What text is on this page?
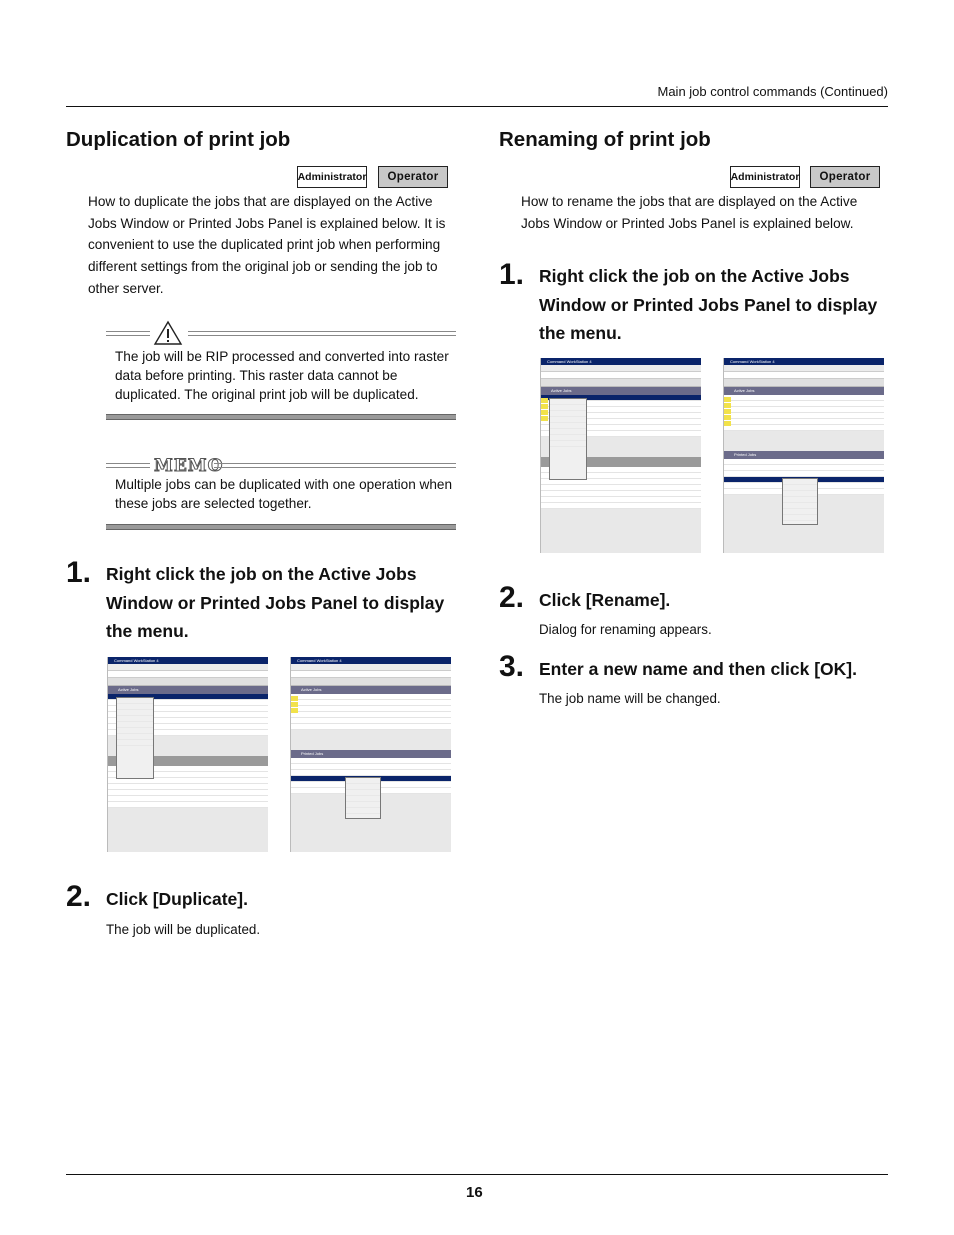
Main job control commands (Continued)
Duplication of print job
Administrator	Operator
How to duplicate the jobs that are displayed on the Active Jobs Window or Printed Jobs Panel is explained below. It is convenient to use the duplicated print job when performing different settings from the original job or sending the job to other server.
The job will be RIP processed and converted into raster data before printing. This raster data cannot be duplicated. The original print job will be duplicated.
MEMO
Multiple jobs can be duplicated with one operation when these jobs are selected together.
1. Right click the job on the Active Jobs Window or Printed Jobs Panel to display the menu.
Command WorkStation 4
Active Jobs
Command WorkStation 4
Active Jobs
Printed Jobs
2. Click [Duplicate].
The job will be duplicated.
Renaming of print job
Administrator	Operator
How to rename the jobs that are displayed on the Active Jobs Window or Printed Jobs Panel is explained below.
1. Right click the job on the Active Jobs Window or Printed Jobs Panel to display the menu.
Command WorkStation 4
Active Jobs
Command WorkStation 4
Active Jobs
Printed Jobs
2. Click [Rename].
Dialog for renaming appears.
3. Enter a new name and then click [OK].
The job name will be changed.
16
